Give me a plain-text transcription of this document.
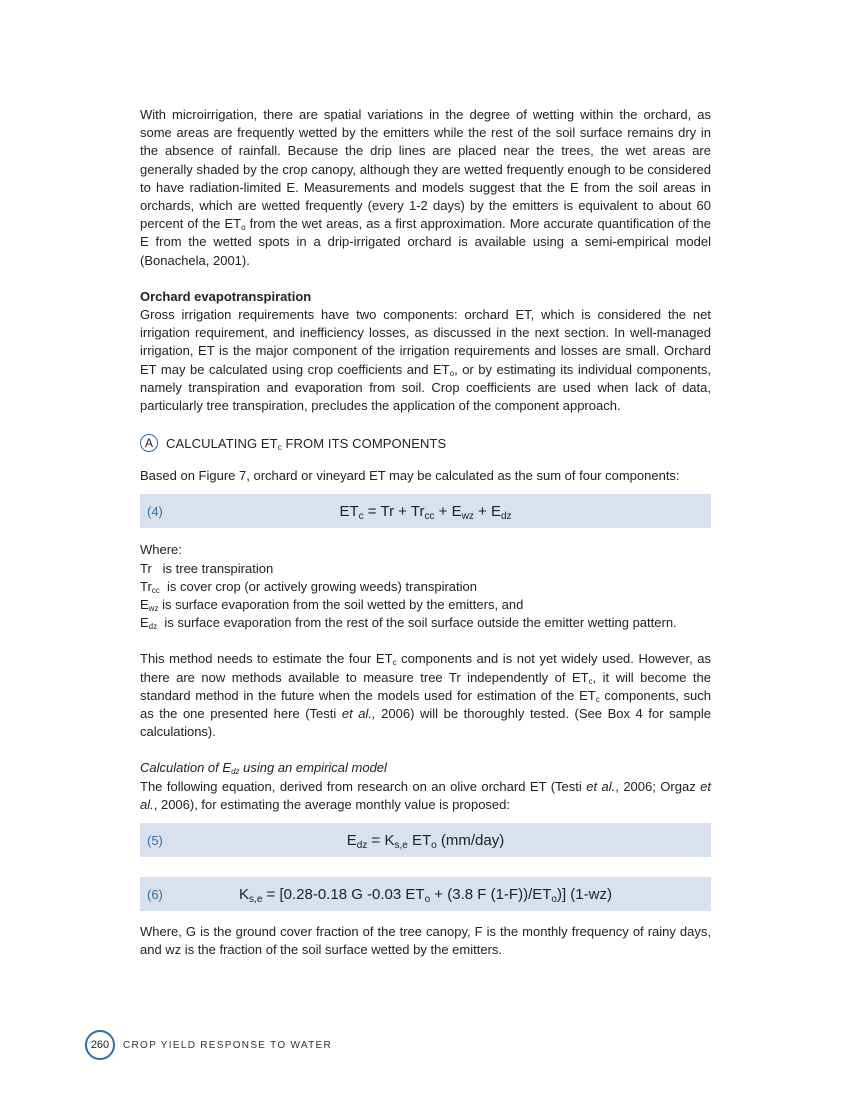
With microirrigation, there are spatial variations in the degree of wetting within the orchard, as some areas are frequently wetted by the emitters while the rest of the soil surface remains dry in the absence of rainfall. Because the drip lines are placed near the trees, the wet areas are generally shaded by the crop canopy, although they are wetted frequently enough to be considered to have radiation-limited E. Measurements and models suggest that the E from the soil areas in orchards, which are wetted frequently (every 1-2 days) by the emitters is equivalent to about 60 percent of the $ET_o$ from the wet areas, as a first approximation. More accurate quantification of the E from the wetted spots in a drip-irrigated orchard is available using a semi-empirical model (Bonachela, 2001).

Orchard evapotranspiration

Gross irrigation requirements have two components: orchard ET, which is considered the net irrigation requirement, and inefficiency losses, as discussed in the next section. In well-managed irrigation, ET is the major component of the irrigation requirements and losses are small. Orchard ET may be calculated using crop coefficients and $ET_o$, or by estimating its individual components, namely transpiration and evaporation from soil. Crop coefficients are used when lack of data, particularly tree transpiration, precludes the application of the component approach.

A CALCULATING $ET_c$ FROM ITS COMPONENTS

Based on Figure 7, orchard or vineyard ET may be calculated as the sum of four components:

(4)	$ET_c = Tr + Tr_{cc} + E_{wz} + E_{dz}$

Where:

Tr   is tree transpiration

$Tr_{cc}$  is cover crop (or actively growing weeds) transpiration

$E_{wz}$ is surface evaporation from the soil wetted by the emitters, and

$E_{dz}$  is surface evaporation from the rest of the soil surface outside the emitter wetting pattern.

This method needs to estimate the four $ET_c$ components and is not yet widely used. However, as there are now methods available to measure tree Tr independently of $ET_c$, it will become the standard method in the future when the models used for estimation of the $ET_c$ components, such as the one presented here (Testi et al., 2006) will be thoroughly tested. (See Box 4 for sample calculations).

Calculation of $E_{dz}$ using an empirical model

The following equation, derived from research on an olive orchard ET (Testi et al., 2006; Orgaz et al., 2006), for estimating the average monthly value is proposed:

(5)	$E_{dz} = K_{s,e}$ $ET_o$ (mm/day)
(6)	$K_{s,e} = [0.28-0.18$ G -0.03 $ET_o + (3.8$ F $(1-F))/ET_o$)] (1-wz)

Where, G is the ground cover fraction of the tree canopy, F is the monthly frequency of rainy days, and wz is the fraction of the soil surface wetted by the emitters.

260	CROP YIELD RESPONSE TO WATER
